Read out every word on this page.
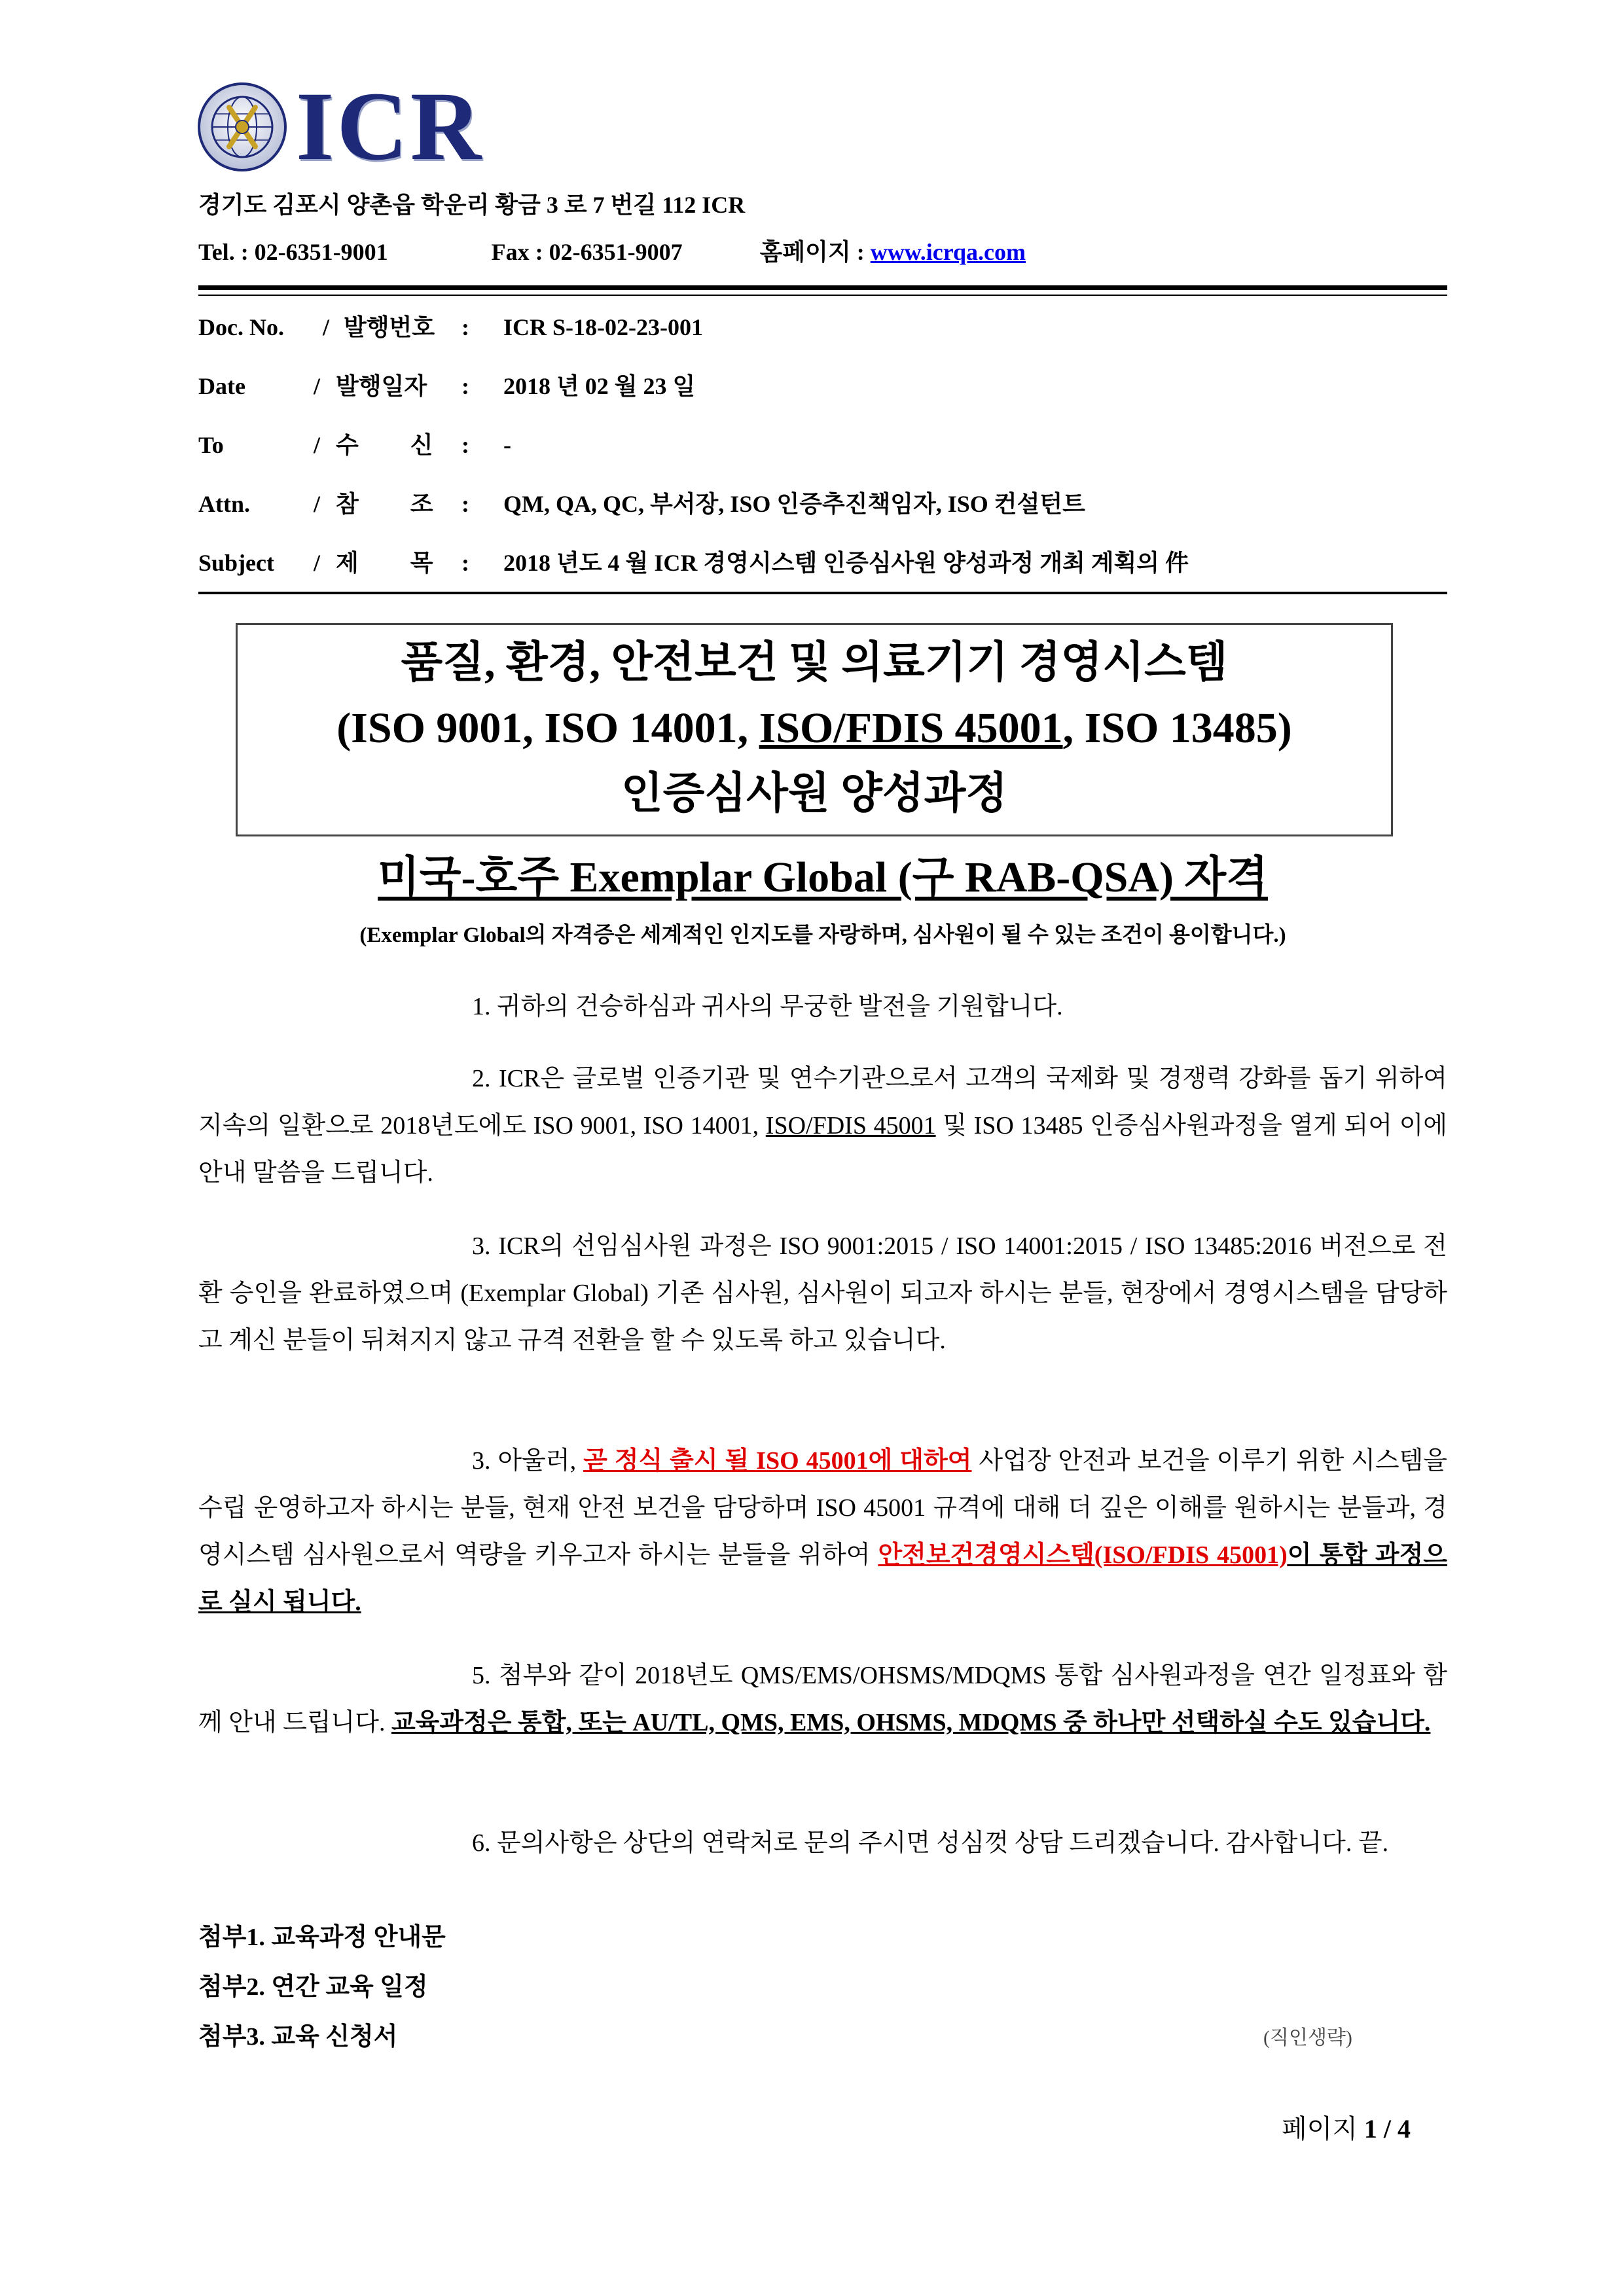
ICR
경기도 김포시 양촌읍 학운리 황금 3 로 7 번길 112 ICR
Tel. : 02-6351-9001	Fax : 02-6351-9007	홈페이지 : www.icrqa.com
Doc. No. / 발행번호 : ICR S-18-02-23-001
Date	/ 발행일자 : 2018 년 02 월 23 일
To	/ 수 신 : -
Attn.	/ 참 조 : QM, QA, QC, 부서장, ISO 인증추진책임자, ISO 컨설턴트
Subject / 제 목 : 2018 년도 4 월 ICR 경영시스템 인증심사원 양성과정 개최 계획의 件
품질, 환경, 안전보건 및 의료기기 경영시스템
(ISO 9001, ISO 14001, ISO/FDIS 45001, ISO 13485)
인증심사원 양성과정
미국-호주 Exemplar Global (구 RAB-QSA) 자격
(Exemplar Global의 자격증은 세계적인 인지도를 자랑하며, 심사원이 될 수 있는 조건이 용이합니다.)
1. 귀하의 건승하심과 귀사의 무궁한 발전을 기원합니다.
2. ICR은 글로벌 인증기관 및 연수기관으로서 고객의 국제화 및 경쟁력 강화를 돕기 위하여 지속의 일환으로 2018년도에도 ISO 9001, ISO 14001, ISO/FDIS 45001 및 ISO 13485 인증심사원과정을 열게 되어 이에 안내 말씀을 드립니다.
3. ICR의 선임심사원 과정은 ISO 9001:2015 / ISO 14001:2015 / ISO 13485:2016 버전으로 전환 승인을 완료하였으며 (Exemplar Global) 기존 심사원, 심사원이 되고자 하시는 분들, 현장에서 경영시스템을 담당하고 계신 분들이 뒤쳐지지 않고 규격 전환을 할 수 있도록 하고 있습니다.
3. 아울러, 곧 정식 출시 될 ISO 45001에 대하여 사업장 안전과 보건을 이루기 위한 시스템을 수립 운영하고자 하시는 분들, 현재 안전 보건을 담당하며 ISO 45001 규격에 대해 더 깊은 이해를 원하시는 분들과, 경영시스템 심사원으로서 역량을 키우고자 하시는 분들을 위하여 안전보건경영시스템(ISO/FDIS 45001)이 통합 과정으로 실시 됩니다.
5. 첨부와 같이 2018년도 QMS/EMS/OHSMS/MDQMS 통합 심사원과정을 연간 일정표와 함께 안내 드립니다. 교육과정은 통합, 또는 AU/TL, QMS, EMS, OHSMS, MDQMS 중 하나만 선택하실 수도 있습니다.
6. 문의사항은 상단의 연락처로 문의 주시면 성심껏 상담 드리겠습니다. 감사합니다. 끝.
첨부1. 교육과정 안내문
첨부2. 연간 교육 일정
첨부3. 교육 신청서	(직인생략)
페이지 1 / 4
